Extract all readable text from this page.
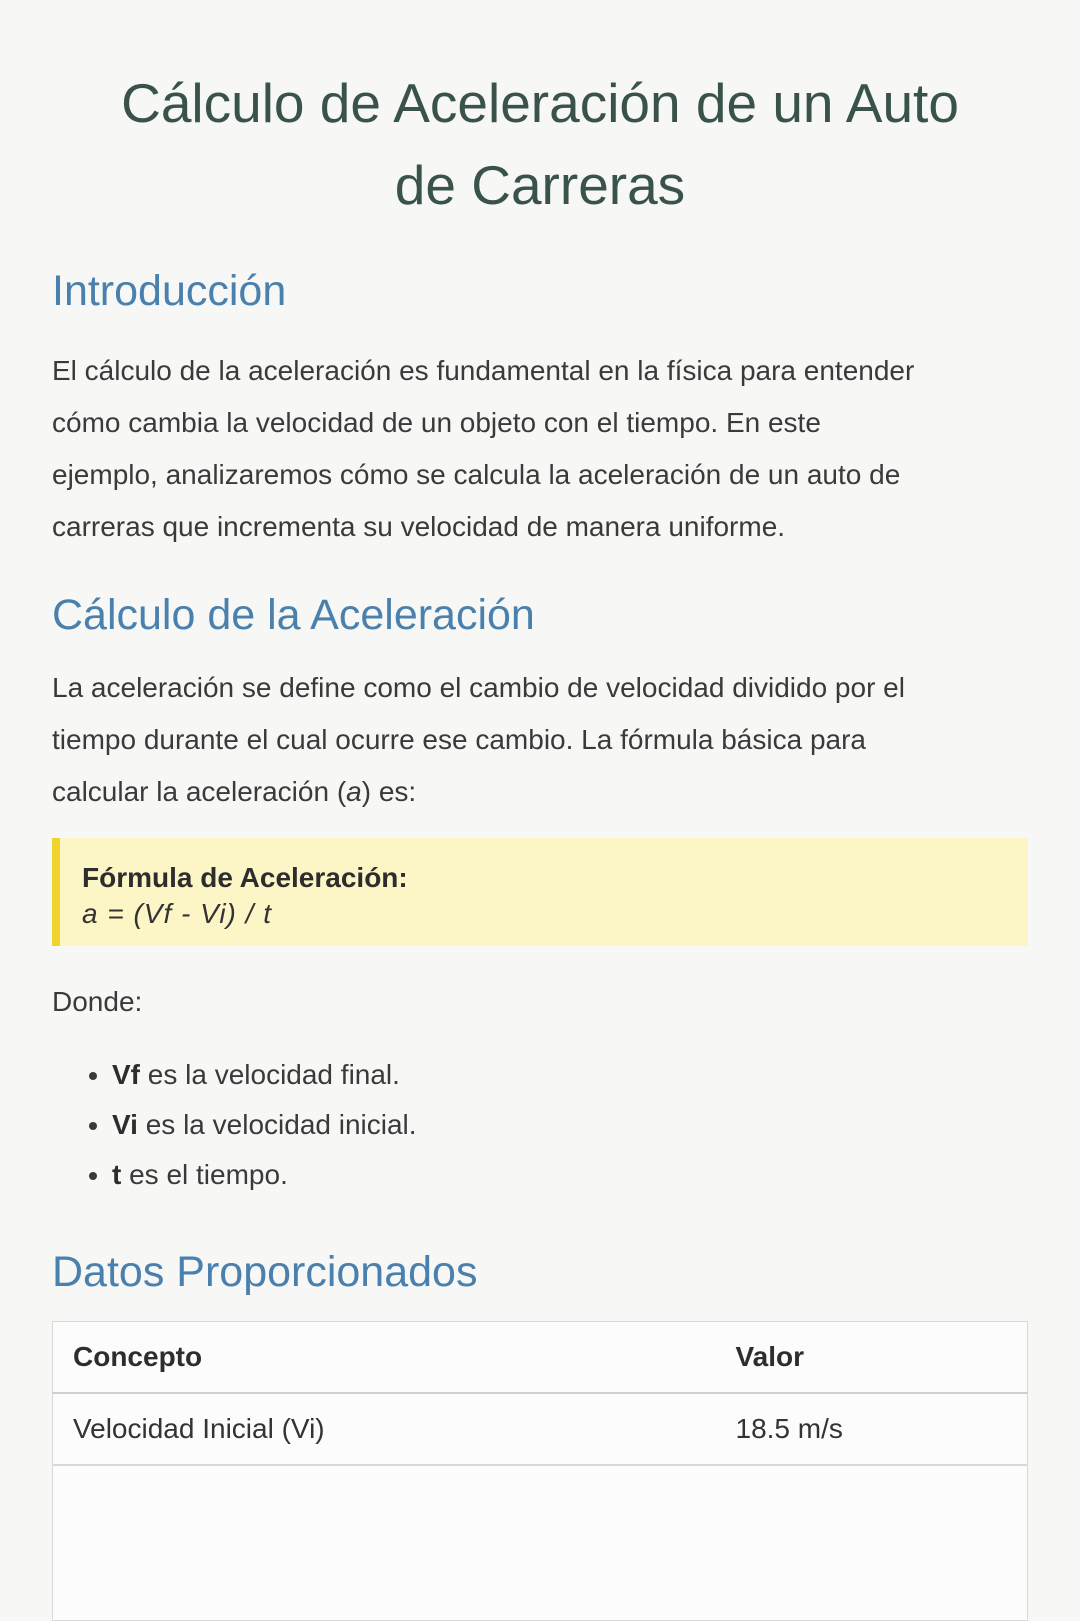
Cálculo de Aceleración de un Auto
de Carreras
Introducción
El cálculo de la aceleración es fundamental en la física para entender
cómo cambia la velocidad de un objeto con el tiempo. En este
ejemplo, analizaremos cómo se calcula la aceleración de un auto de
carreras que incrementa su velocidad de manera uniforme.
Cálculo de la Aceleración
La aceleración se define como el cambio de velocidad dividido por el
tiempo durante el cual ocurre ese cambio. La fórmula básica para
calcular la aceleración (a) es:
Fórmula de Aceleración:
a = (Vf - Vi) / t

Donde:

• Vf es la velocidad final.
• Vi es la velocidad inicial.
• t es el tiempo.
Datos Proporcionados
Concepto	Valor
Velocidad Inicial (Vi)	18.5 m/s
